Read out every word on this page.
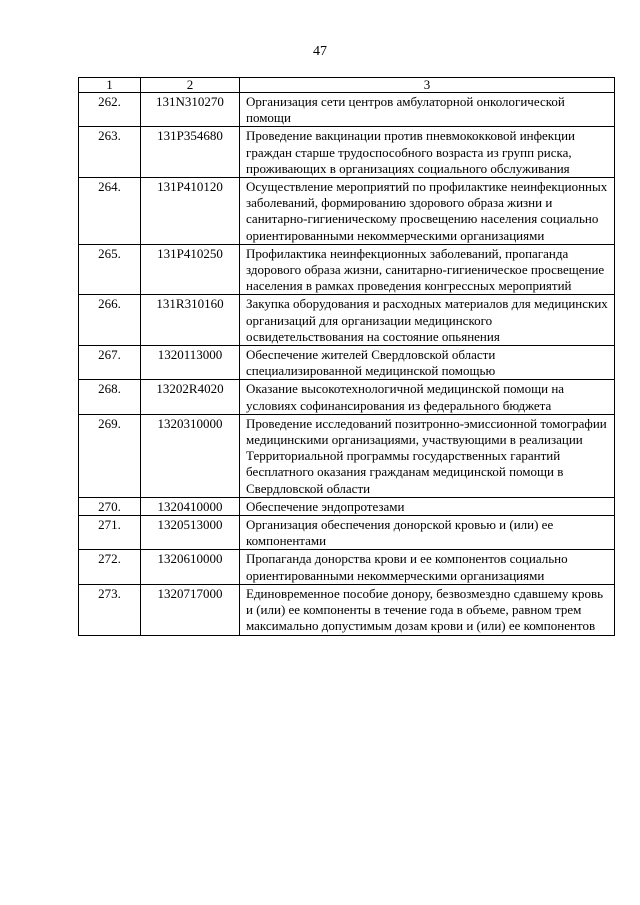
47
1	2	3
262.	131N310270	Организация сети центров амбулаторной онкологической помощи
263.	131P354680	Проведение вакцинации против пневмококковой инфекции граждан старше трудоспособного возраста из групп риска, проживающих в организациях социального обслуживания
264.	131P410120	Осуществление мероприятий по профилактике неинфекционных заболеваний, формированию здорового образа жизни и санитарно-гигиеническому просвещению населения социально ориентированными некоммерческими организациями
265.	131P410250	Профилактика неинфекционных заболеваний, пропаганда здорового образа жизни, санитарно-гигиеническое просвещение населения в рамках проведения конгрессных мероприятий
266.	131R310160	Закупка оборудования и расходных материалов для медицинских организаций для организации медицинского освидетельствования на состояние опьянения
267.	1320113000	Обеспечение жителей Свердловской области специализированной медицинской помощью
268.	13202R4020	Оказание высокотехнологичной медицинской помощи на условиях софинансирования из федерального бюджета
269.	1320310000	Проведение исследований позитронно-эмиссионной томографии медицинскими организациями, участвующими в реализации Территориальной программы государственных гарантий бесплатного оказания гражданам медицинской помощи в Свердловской области
270.	1320410000	Обеспечение эндопротезами
271.	1320513000	Организация обеспечения донорской кровью и (или) ее компонентами
272.	1320610000	Пропаганда донорства крови и ее компонентов социально ориентированными некоммерческими организациями
273.	1320717000	Единовременное пособие донору, безвозмездно сдавшему кровь и (или) ее компоненты в течение года в объеме, равном трем максимально допустимым дозам крови и (или) ее компонентов
